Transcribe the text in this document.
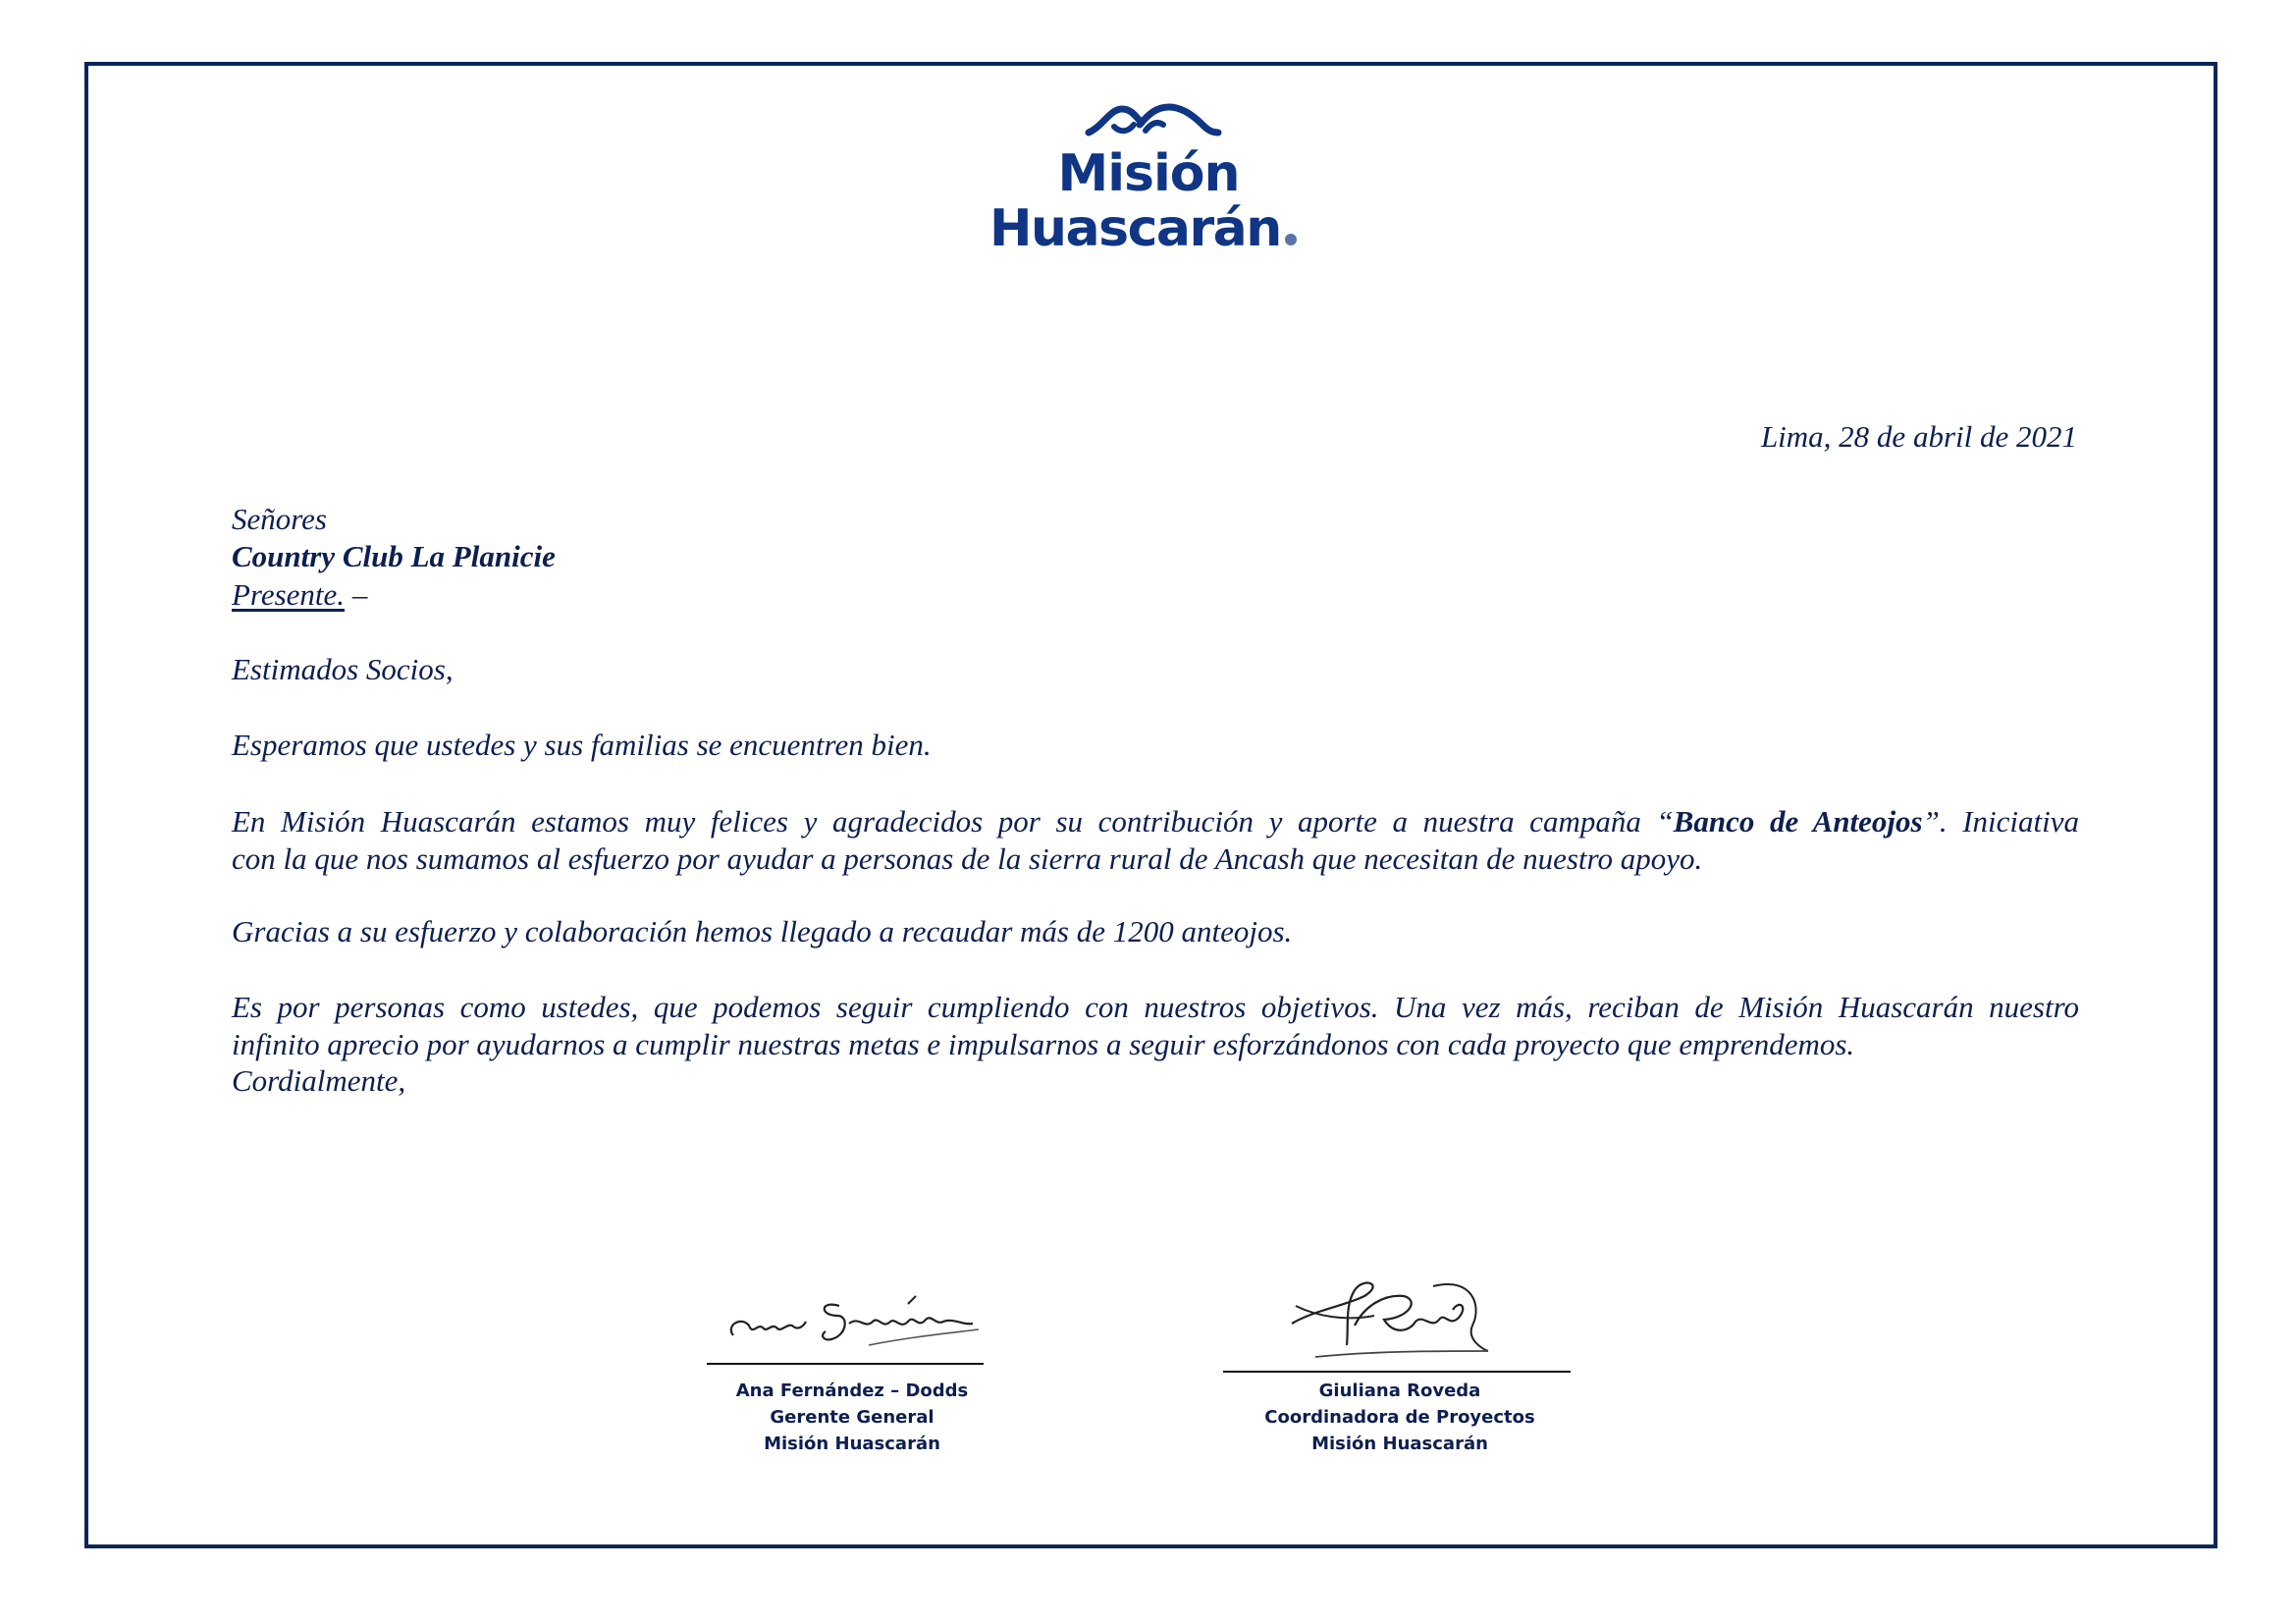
Misión
Huascarán
Lima, 28 de abril de 2021
Señores
Country Club La Planicie
Presente. –
Estimados Socios,
Esperamos que ustedes y sus familias se encuentren bien.
En Misión Huascarán estamos muy felices y agradecidos por su contribución y aporte a nuestra campaña “Banco de Anteojos”. Iniciativa
con la que nos sumamos al esfuerzo por ayudar a personas de la sierra rural de Ancash que necesitan de nuestro apoyo.
Gracias a su esfuerzo y colaboración hemos llegado a recaudar más de 1200 anteojos.
Es por personas como ustedes, que podemos seguir cumpliendo con nuestros objetivos. Una vez más, reciban de Misión Huascarán nuestro
infinito aprecio por ayudarnos a cumplir nuestras metas e impulsarnos a seguir esforzándonos con cada proyecto que emprendemos.
Cordialmente,
Ana Fernández – Dodds
Gerente General
Misión Huascarán
Giuliana Roveda
Coordinadora de Proyectos
Misión Huascarán
